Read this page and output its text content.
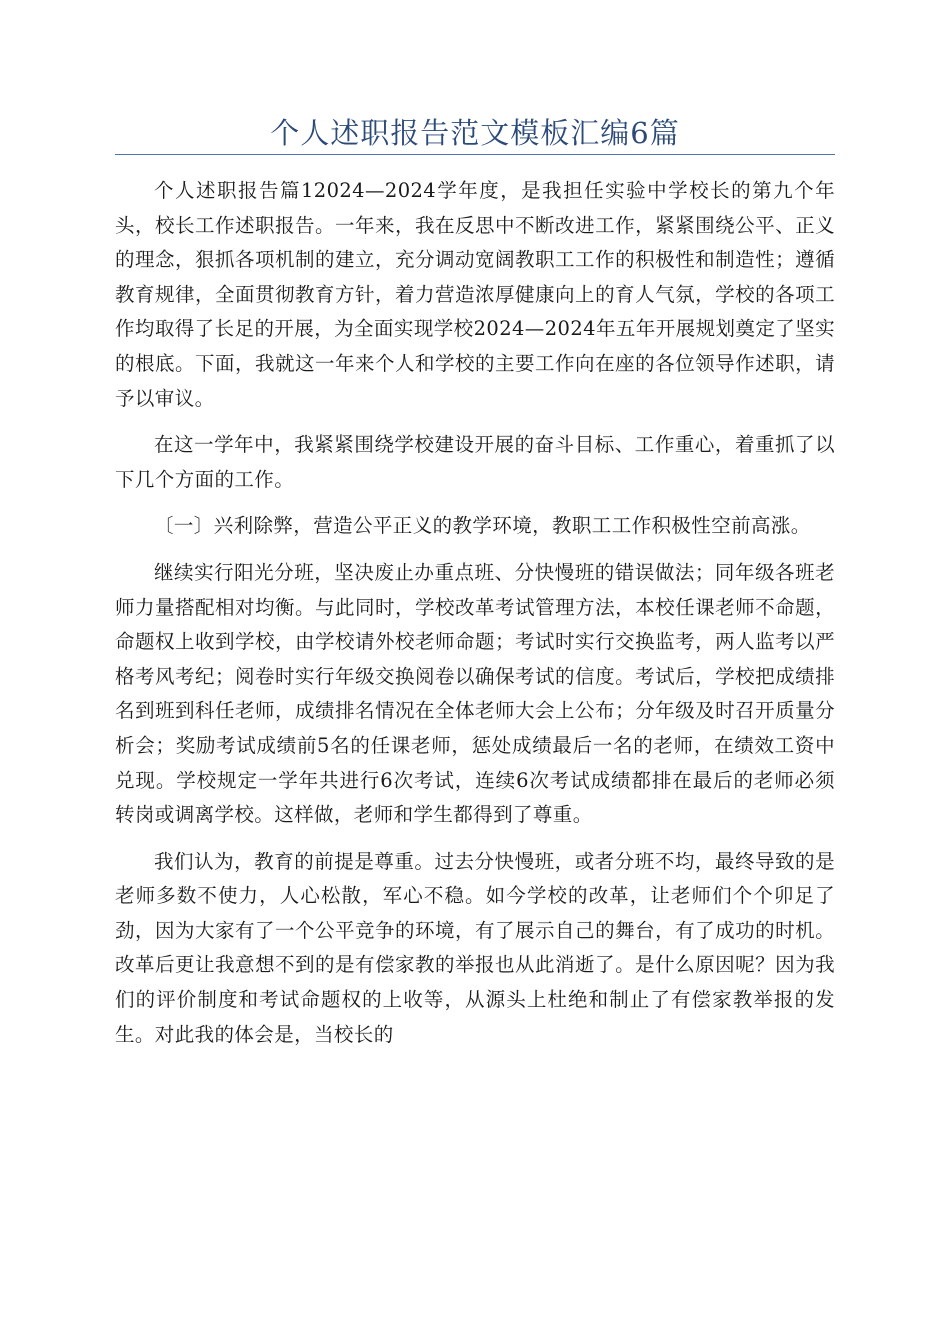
个人述职报告范文模板汇编6篇

个人述职报告篇12024—2024学年度，是我担任实验中学校长的第九个年头，校长工作述职报告。一年来，我在反思中不断改进工作，紧紧围绕公平、正义的理念，狠抓各项机制的建立，充分调动宽阔教职工工作的积极性和制造性；遵循教育规律，全面贯彻教育方针，着力营造浓厚健康向上的育人气氛，学校的各项工作均取得了长足的开展，为全面实现学校2024—2024年五年开展规划奠定了坚实的根底。下面，我就这一年来个人和学校的主要工作向在座的各位领导作述职，请予以审议。

在这一学年中，我紧紧围绕学校建设开展的奋斗目标、工作重心，着重抓了以下几个方面的工作。

〔一〕兴利除弊，营造公平正义的教学环境，教职工工作积极性空前高涨。

继续实行阳光分班，坚决废止办重点班、分快慢班的错误做法；同年级各班老师力量搭配相对均衡。与此同时，学校改革考试管理方法，本校任课老师不命题，命题权上收到学校，由学校请外校老师命题；考试时实行交换监考，两人监考以严格考风考纪；阅卷时实行年级交换阅卷以确保考试的信度。考试后，学校把成绩排名到班到科任老师，成绩排名情况在全体老师大会上公布；分年级及时召开质量分析会；奖励考试成绩前5名的任课老师，惩处成绩最后一名的老师，在绩效工资中兑现。学校规定一学年共进行6次考试，连续6次考试成绩都排在最后的老师必须转岗或调离学校。这样做，老师和学生都得到了尊重。

我们认为，教育的前提是尊重。过去分快慢班，或者分班不均，最终导致的是老师多数不使力，人心松散，军心不稳。如今学校的改革，让老师们个个卯足了劲，因为大家有了一个公平竞争的环境，有了展示自己的舞台，有了成功的时机。改革后更让我意想不到的是有偿家教的举报也从此消逝了。是什么原因呢？因为我们的评价制度和考试命题权的上收等，从源头上杜绝和制止了有偿家教举报的发生。对此我的体会是，当校长的
